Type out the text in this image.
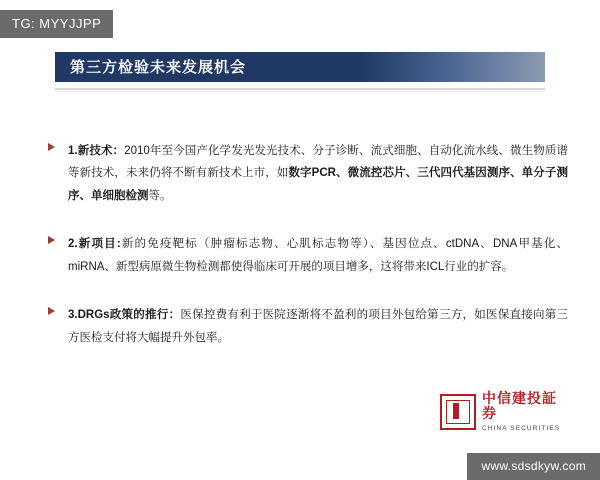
TG: MYYJJPP
第三方检验未来发展机会
1.新技术：2010年至今国产化学发光发光技术、分子诊断、流式细胞、自动化流水线、微生物质谱等新技术，未来仍将不断有新技术上市，如数字PCR、微流控芯片、三代四代基因测序、单分子测序、单细胞检测等。
2.新项目:新的免疫靶标（肿瘤标志物、心肌标志物等）、基因位点、ctDNA、DNA甲基化、miRNA、新型病原微生物检测都使得临床可开展的项目增多，这将带来ICL行业的扩容。
3.DRGs政策的推行：医保控费有利于医院逐渐将不盈利的项目外包给第三方，如医保直接向第三方医检支付将大幅提升外包率。
中信建投証券
CHINA SECURITIES
www.sdsdkyw.com
